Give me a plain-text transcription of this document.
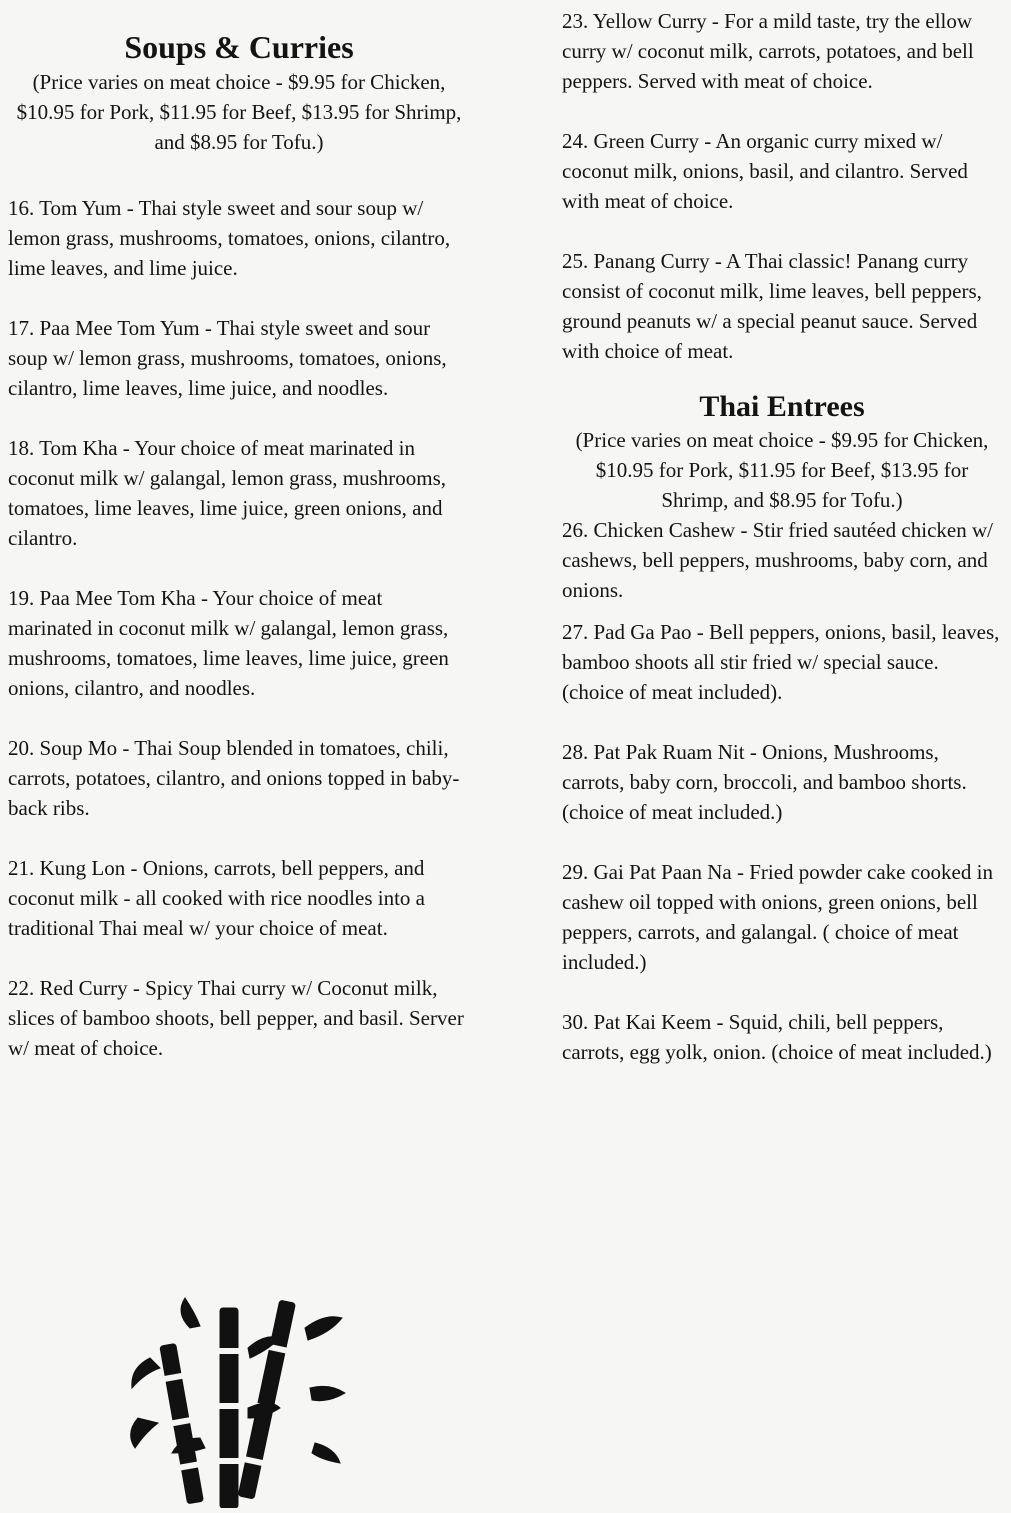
Soups & Curries

(Price varies on meat choice - $9.95 for Chicken, $10.95 for Pork, $11.95 for Beef, $13.95 for Shrimp, and $8.95 for Tofu.)

16. Tom Yum - Thai style sweet and sour soup w/ lemon grass, mushrooms, tomatoes, onions, cilantro, lime leaves, and lime juice.

17. Paa Mee Tom Yum - Thai style sweet and sour soup w/ lemon grass, mushrooms, tomatoes, onions, cilantro, lime leaves, lime juice, and noodles.

18. Tom Kha - Your choice of meat marinated in coconut milk w/ galangal, lemon grass, mushrooms, tomatoes, lime leaves, lime juice, green onions, and cilantro.

19. Paa Mee Tom Kha - Your choice of meat marinated in coconut milk w/ galangal, lemon grass, mushrooms, tomatoes, lime leaves, lime juice, green onions, cilantro, and noodles.

20. Soup Mo - Thai Soup blended in tomatoes, chili, carrots, potatoes, cilantro, and onions topped in baby-back ribs.

21. Kung Lon - Onions, carrots, bell peppers, and coconut milk - all cooked with rice noodles into a traditional Thai meal w/ your choice of meat.

22. Red Curry - Spicy Thai curry w/ Coconut milk, slices of bamboo shoots, bell pepper, and basil. Server w/ meat of choice.

23. Yellow Curry - For a mild taste, try the ellow curry w/ coconut milk, carrots, potatoes, and bell peppers. Served with meat of choice.

24. Green Curry - An organic curry mixed w/ coconut milk, onions, basil, and cilantro. Served with meat of choice.

25. Panang Curry - A Thai classic! Panang curry consist of coconut milk, lime leaves, bell peppers, ground peanuts w/ a special peanut sauce. Served with choice of meat.

Thai Entrees

(Price varies on meat choice - $9.95 for Chicken, $10.95 for Pork, $11.95 for Beef, $13.95 for Shrimp, and $8.95 for Tofu.)

26. Chicken Cashew - Stir fried sautéed chicken w/ cashews, bell peppers, mushrooms, baby corn, and onions.

27. Pad Ga Pao - Bell peppers, onions, basil, leaves, bamboo shoots all stir fried w/ special sauce. (choice of meat included).

28. Pat Pak Ruam Nit - Onions, Mushrooms, carrots, baby corn, broccoli, and bamboo shorts. (choice of meat included.)

29. Gai Pat Paan Na - Fried powder cake cooked in cashew oil topped with onions, green onions, bell peppers, carrots, and galangal. ( choice of meat included.)

30. Pat Kai Keem - Squid, chili, bell peppers, carrots, egg yolk, onion. (choice of meat included.)
